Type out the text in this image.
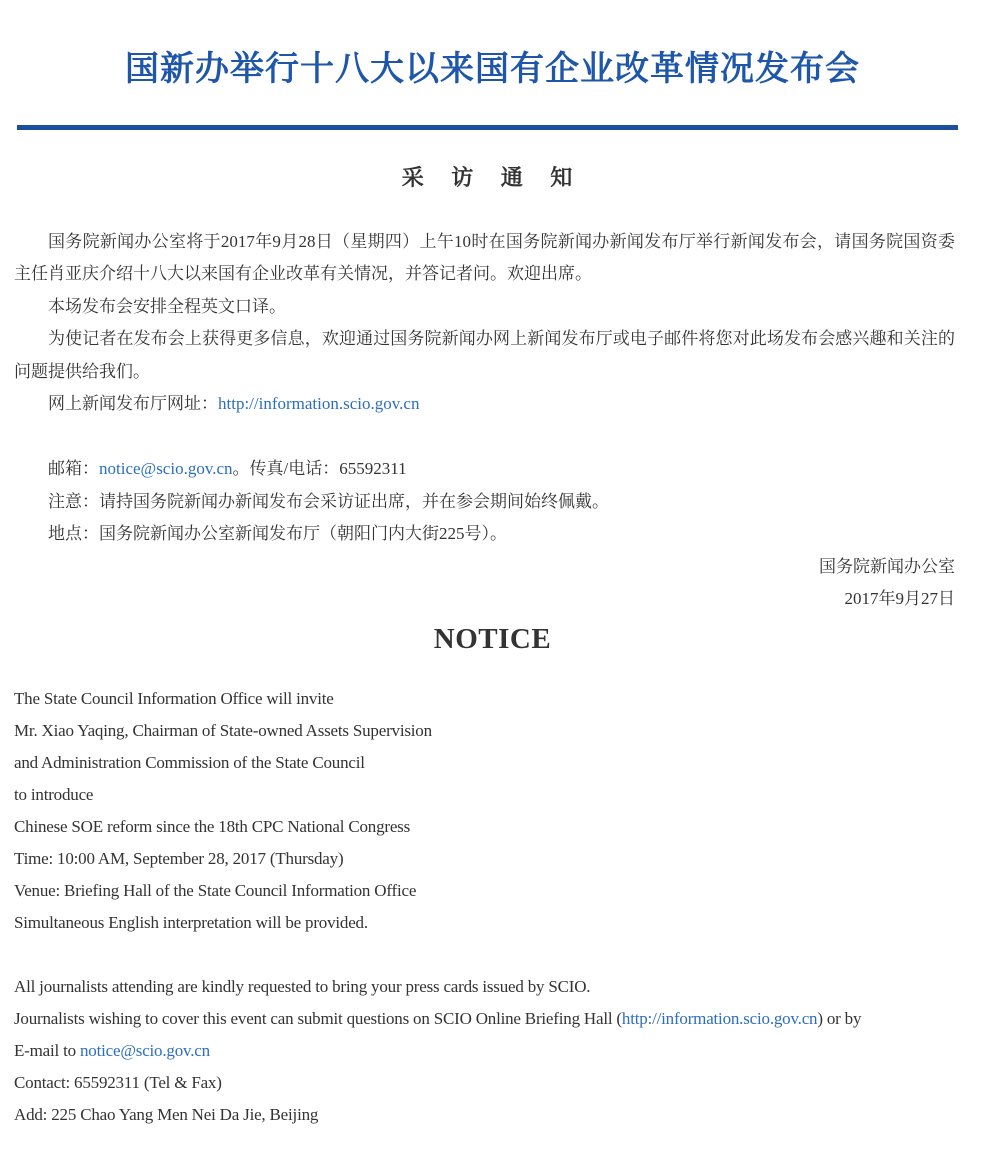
国新办举行十八大以来国有企业改革情况发布会
采 访 通 知
国务院新闻办公室将于2017年9月28日（星期四）上午10时在国务院新闻办新闻发布厅举行新闻发布会，请国务院国资委主任肖亚庆介绍十八大以来国有企业改革有关情况，并答记者问。欢迎出席。
本场发布会安排全程英文口译。
为使记者在发布会上获得更多信息，欢迎通过国务院新闻办网上新闻发布厅或电子邮件将您对此场发布会感兴趣和关注的问题提供给我们。
网上新闻发布厅网址：http://information.scio.gov.cn
邮箱：notice@scio.gov.cn。传真/电话：65592311
注意：请持国务院新闻办新闻发布会采访证出席，并在参会期间始终佩戴。
地点：国务院新闻办公室新闻发布厅（朝阳门内大街225号）。
国务院新闻办公室
2017年9月27日
NOTICE
The State Council Information Office will invite
Mr. Xiao Yaqing, Chairman of State-owned Assets Supervision
and Administration Commission of the State Council
to introduce
Chinese SOE reform since the 18th CPC National Congress
Time: 10:00 AM, September 28, 2017 (Thursday)
Venue: Briefing Hall of the State Council Information Office
Simultaneous English interpretation will be provided.
All journalists attending are kindly requested to bring your press cards issued by SCIO.
Journalists wishing to cover this event can submit questions on SCIO Online Briefing Hall (http://information.scio.gov.cn) or by
E-mail to notice@scio.gov.cn
Contact: 65592311 (Tel & Fax)
Add: 225 Chao Yang Men Nei Da Jie, Beijing
